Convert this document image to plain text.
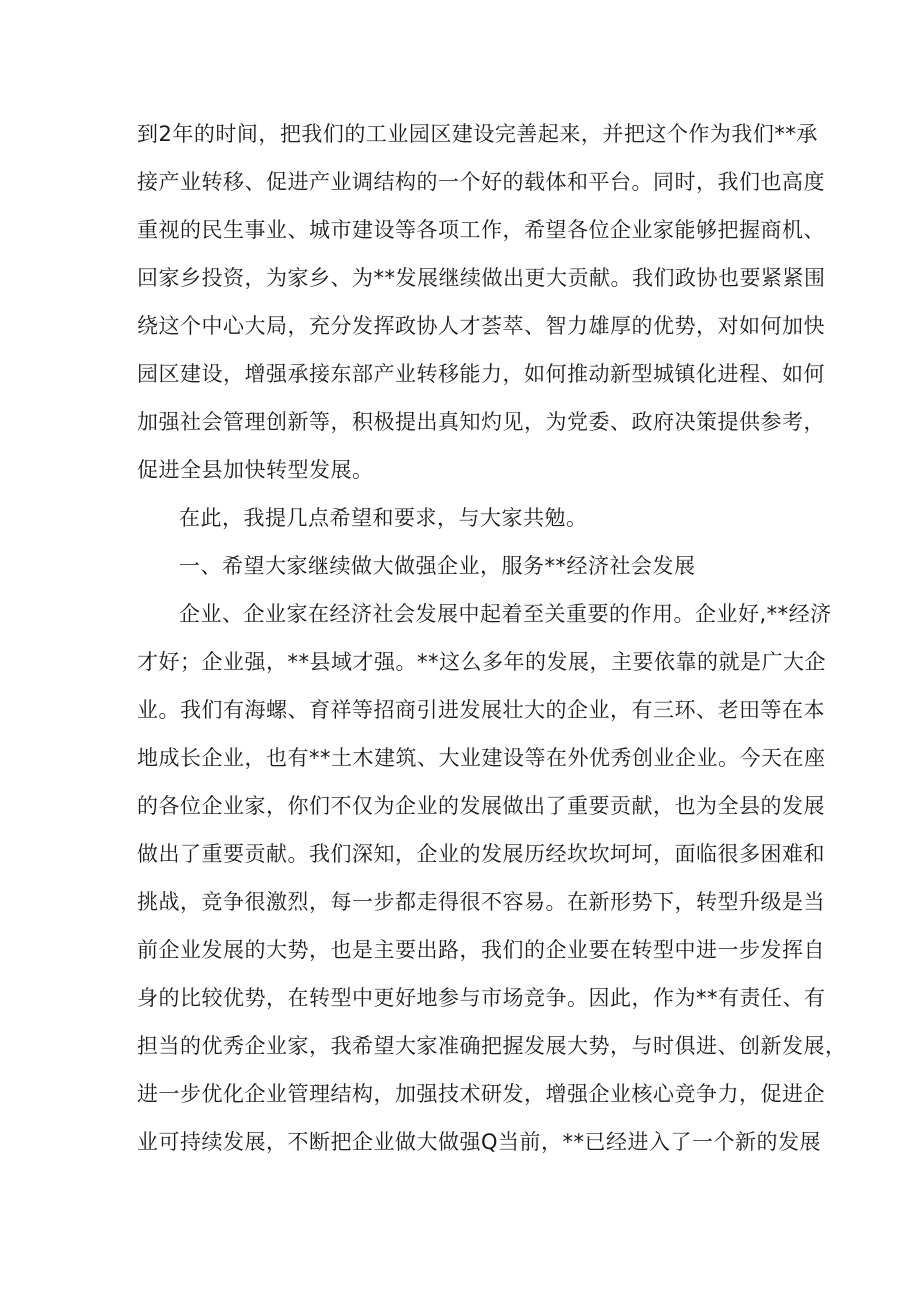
到2年的时间，把我们的工业园区建设完善起来，并把这个作为我们**承
接产业转移、促进产业调结构的一个好的载体和平台。同时，我们也高度
重视的民生事业、城市建设等各项工作，希望各位企业家能够把握商机、
回家乡投资，为家乡、为**发展继续做出更大贡献。我们政协也要紧紧围
绕这个中心大局，充分发挥政协人才荟萃、智力雄厚的优势，对如何加快
园区建设，增强承接东部产业转移能力，如何推动新型城镇化进程、如何
加强社会管理创新等，积极提出真知灼见，为党委、政府决策提供参考，
促进全县加快转型发展。
在此，我提几点希望和要求，与大家共勉。
一、希望大家继续做大做强企业，服务**经济社会发展
企业、企业家在经济社会发展中起着至关重要的作用。企业好,**经济
才好；企业强，**县域才强。**这么多年的发展，主要依靠的就是广大企
业。我们有海螺、育祥等招商引进发展壮大的企业，有三环、老田等在本
地成长企业，也有**土木建筑、大业建设等在外优秀创业企业。今天在座
的各位企业家，你们不仅为企业的发展做出了重要贡献，也为全县的发展
做出了重要贡献。我们深知，企业的发展历经坎坎坷坷，面临很多困难和
挑战，竞争很激烈，每一步都走得很不容易。在新形势下，转型升级是当
前企业发展的大势，也是主要出路，我们的企业要在转型中进一步发挥自
身的比较优势，在转型中更好地参与市场竞争。因此，作为**有责任、有
担当的优秀企业家，我希望大家准确把握发展大势，与时俱进、创新发展，
进一步优化企业管理结构，加强技术研发，增强企业核心竞争力，促进企
业可持续发展，不断把企业做大做强Q当前，**已经进入了一个新的发展
